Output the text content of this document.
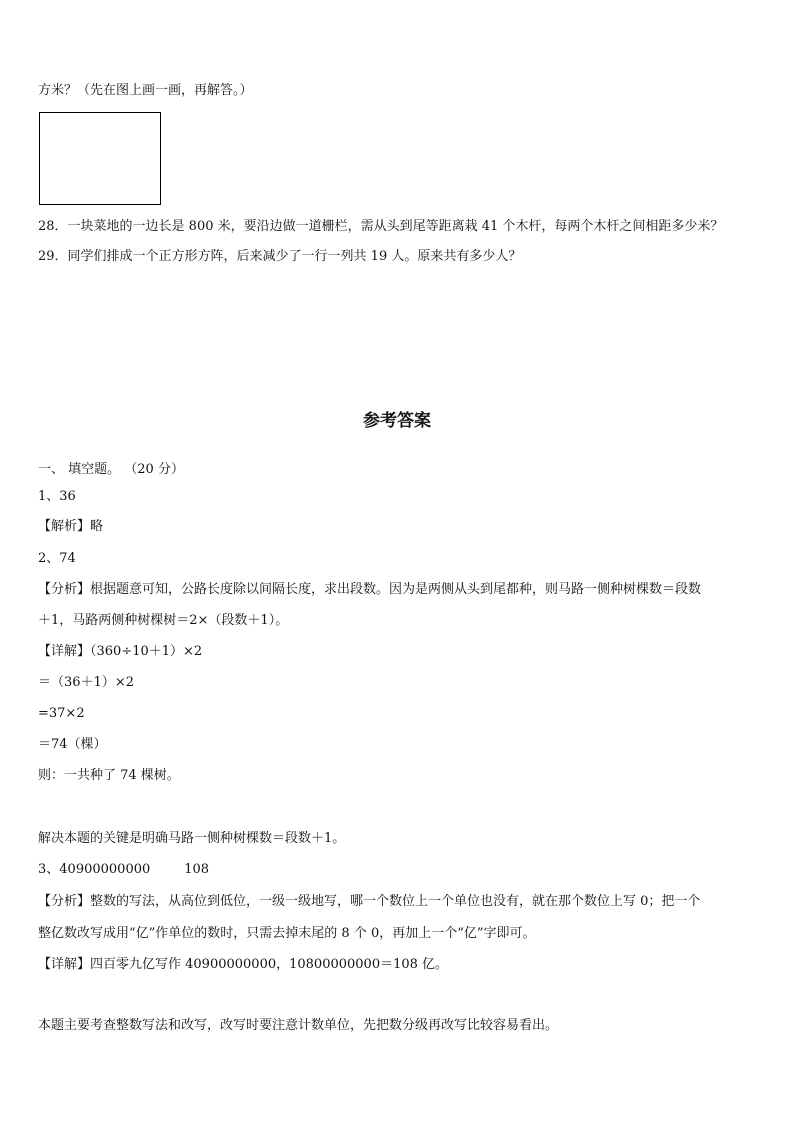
方米？（先在图上画一画，再解答。）
28．一块菜地的一边长是 800 米，要沿边做一道栅栏，需从头到尾等距离栽 41 个木杆，每两个木杆之间相距多少米？
29．同学们排成一个正方形方阵，后来减少了一行一列共 19 人。原来共有多少人？
参考答案
一、 填空题。 （20 分）
1、36
【解析】略
2、74
【分析】根据题意可知，公路长度除以间隔长度，求出段数。因为是两侧从头到尾都种，则马路一侧种树棵数＝段数
＋1，马路两侧种树棵树＝2×（段数＋1）。
【详解】（360÷10＋1）×2
＝（36＋1）×2
=37×2
＝74（棵）
则：一共种了 74 棵树。
解决本题的关键是明确马路一侧种树棵数＝段数＋1。
3、40900000000	108
【分析】整数的写法，从高位到低位，一级一级地写，哪一个数位上一个单位也没有，就在那个数位上写 0；把一个
整亿数改写成用“亿”作单位的数时，只需去掉末尾的 8 个 0，再加上一个“亿”字即可。
【详解】四百零九亿写作 40900000000，10800000000＝108 亿。
本题主要考查整数写法和改写，改写时要注意计数单位，先把数分级再改写比较容易看出。
